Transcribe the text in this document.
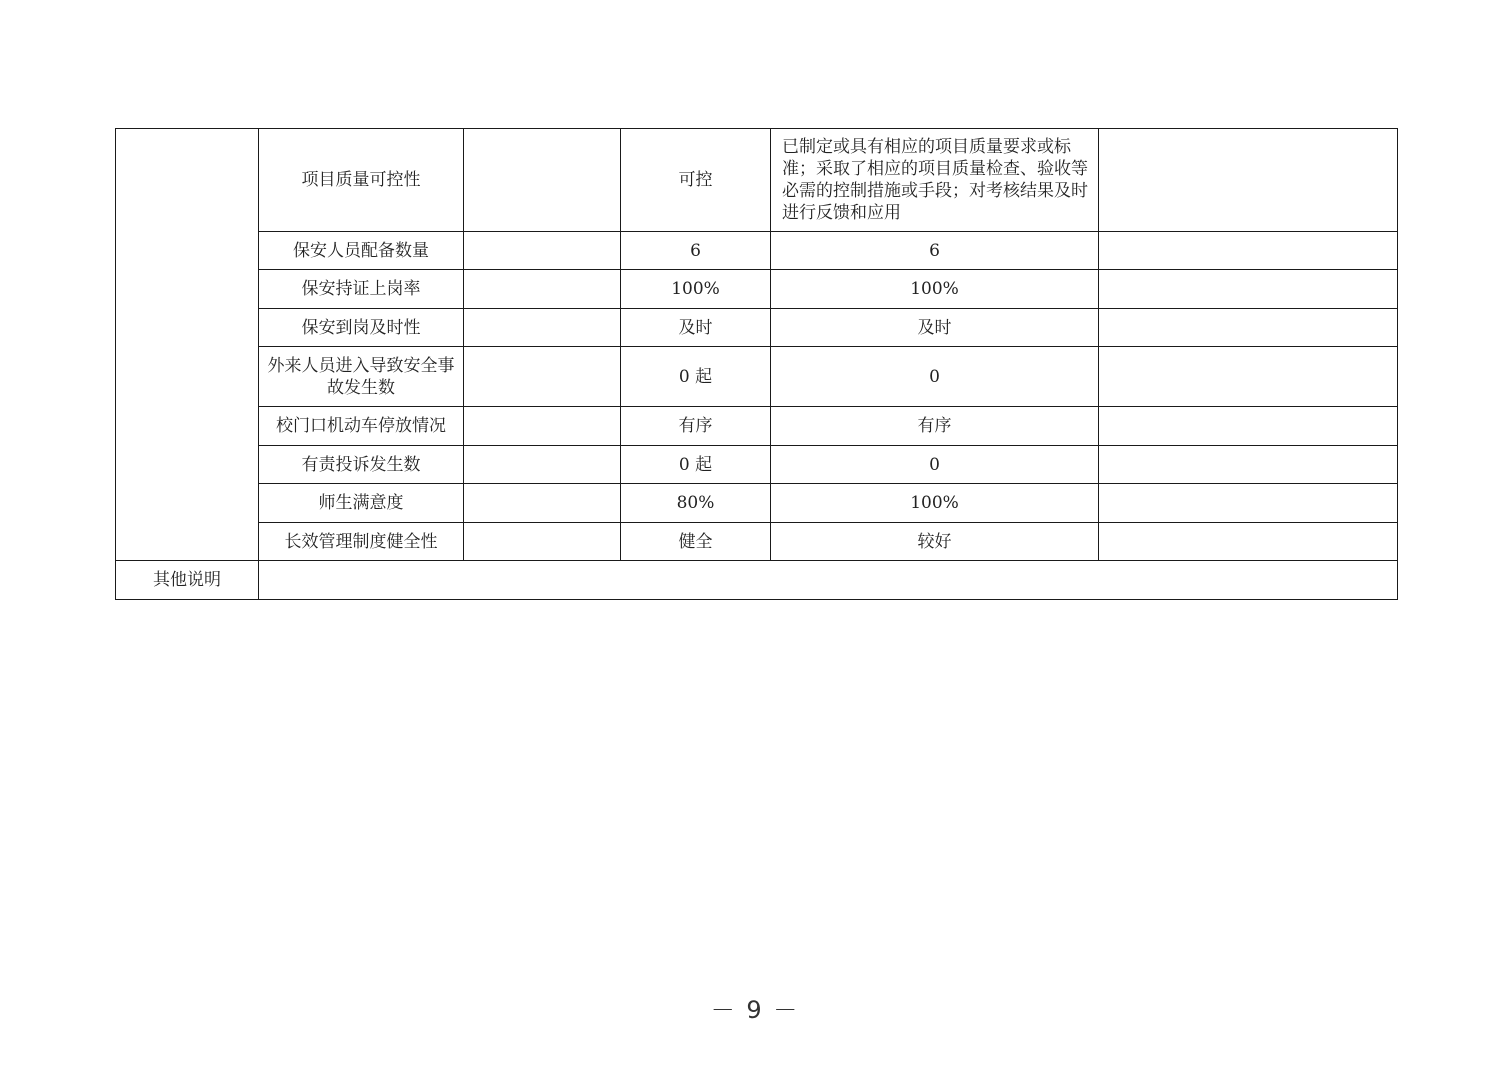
	项目质量可控性		可控	已制定或具有相应的项目质量要求或标准；采取了相应的项目质量检查、验收等必需的控制措施或手段；对考核结果及时进行反馈和应用	
	保安人员配备数量		6	6	
	保安持证上岗率		100%	100%	
	保安到岗及时性		及时	及时	
	外来人员进入导致安全事故发生数		0 起	0	
	校门口机动车停放情况		有序	有序	
	有责投诉发生数		0 起	0	
	师生满意度		80%	100%	
	长效管理制度健全性		健全	较好	
其他说明					
－ 9 －
